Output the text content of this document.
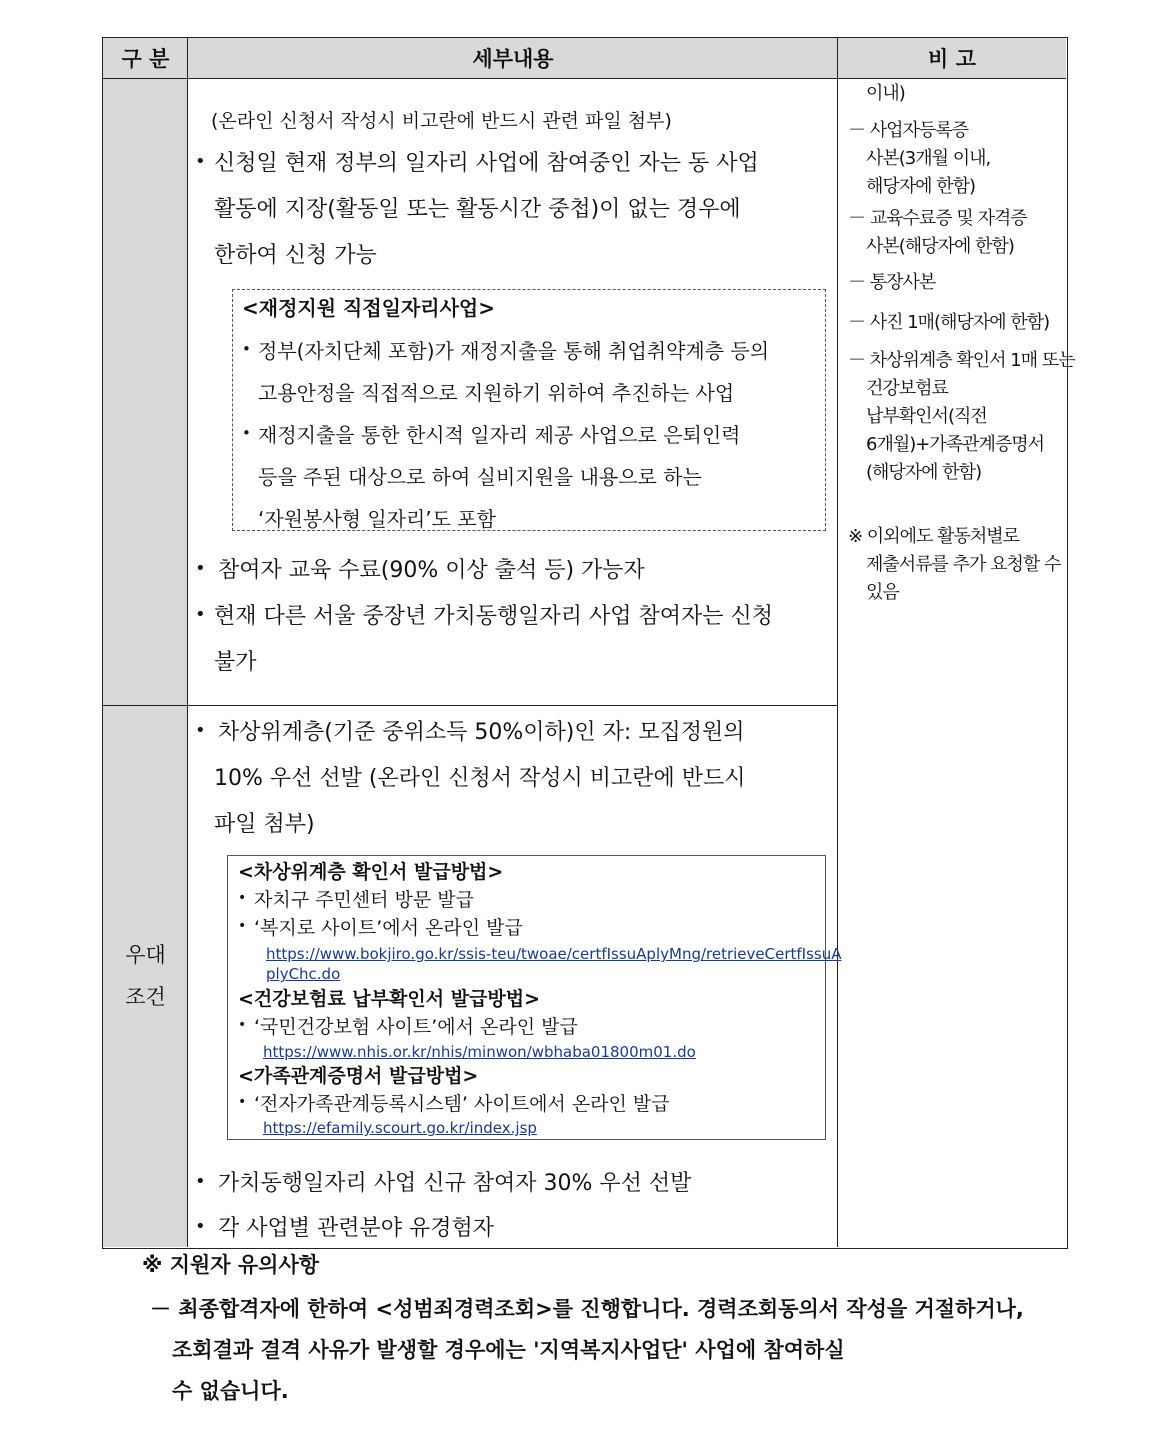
구 분	세부내용	비 고
우대
조건
(온라인 신청서 작성시 비고란에 반드시 관련 파일 첨부)
• 신청일 현재 정부의 일자리 사업에 참여중인 자는 동 사업
활동에 지장(활동일 또는 활동시간 중첩)이 없는 경우에
한하여 신청 가능
<재정지원 직접일자리사업>
• 정부(자치단체 포함)가 재정지출을 통해 취업취약계층 등의
고용안정을 직접적으로 지원하기 위하여 추진하는 사업
• 재정지출을 통한 한시적 일자리 제공 사업으로 은퇴인력
등을 주된 대상으로 하여 실비지원을 내용으로 하는
‘자원봉사형 일자리’도 포함
• 참여자 교육 수료(90% 이상 출석 등) 가능자
• 현재 다른 서울 중장년 가치동행일자리 사업 참여자는 신청
불가
• 차상위계층(기준 중위소득 50%이하)인 자: 모집정원의
10% 우선 선발 (온라인 신청서 작성시 비고란에 반드시
파일 첨부)
<차상위계층 확인서 발급방법>
• 자치구 주민센터 방문 발급
• ‘복지로 사이트’에서 온라인 발급
https://www.bokjiro.go.kr/ssis-teu/twoae/certfIssuAplyMng/retrieveCertfIssuA
plyChc.do
<건강보험료 납부확인서 발급방법>
• ‘국민건강보험 사이트’에서 온라인 발급
https://www.nhis.or.kr/nhis/minwon/wbhaba01800m01.do
<가족관계증명서 발급방법>
• ‘전자가족관계등록시스템’ 사이트에서 온라인 발급
https://efamily.scourt.go.kr/index.jsp
• 가치동행일자리 사업 신규 참여자 30% 우선 선발
• 각 사업별 관련분야 유경험자
이내)
－ 사업자등록증
사본(3개월 이내,
해당자에 한함)
－ 교육수료증 및 자격증
사본(해당자에 한함)
－ 통장사본
－ 사진 1매(해당자에 한함)
－ 차상위계층 확인서 1매 또는
건강보험료
납부확인서(직전
6개월)+가족관계증명서
(해당자에 한함)
※ 이외에도 활동처별로
제출서류를 추가 요청할 수
있음
※ 지원자 유의사항
－ 최종합격자에 한하여 <성범죄경력조회>를 진행합니다. 경력조회동의서 작성을 거절하거나,
조회결과 결격 사유가 발생할 경우에는 '지역복지사업단' 사업에 참여하실
수 없습니다.
